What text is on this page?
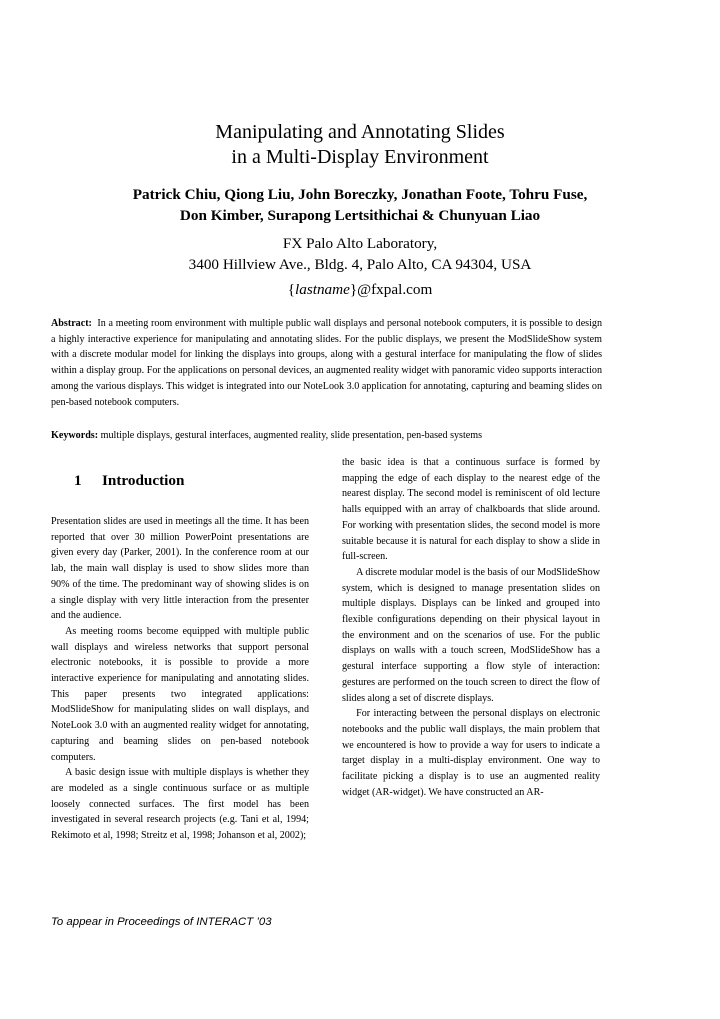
Manipulating and Annotating Slides
in a Multi-Display Environment
Patrick Chiu, Qiong Liu, John Boreczky, Jonathan Foote, Tohru Fuse,
Don Kimber, Surapong Lertsithichai & Chunyuan Liao
FX Palo Alto Laboratory,
3400 Hillview Ave., Bldg. 4, Palo Alto, CA 94304, USA
{lastname}@fxpal.com

Abstract: In a meeting room environment with multiple public wall displays and personal notebook computers, it is possible to design a highly interactive experience for manipulating and annotating slides. For the public displays, we present the ModSlideShow system with a discrete modular model for linking the displays into groups, along with a gestural interface for manipulating the flow of slides within a display group. For the applications on personal devices, an augmented reality widget with panoramic video supports interaction among the various displays. This widget is integrated into our NoteLook 3.0 application for annotating, capturing and beaming slides on pen-based notebook computers.

Keywords: multiple displays, gestural interfaces, augmented reality, slide presentation, pen-based systems

1 Introduction

Presentation slides are used in meetings all the time. It has been reported that over 30 million PowerPoint presentations are given every day (Parker, 2001). In the conference room at our lab, the main wall display is used to show slides more than 90% of the time. The predominant way of showing slides is on a single display with very little interaction from the presenter and the audience.

As meeting rooms become equipped with multiple public wall displays and wireless networks that support personal electronic notebooks, it is possible to provide a more interactive experience for manipulating and annotating slides. This paper presents two integrated applications: ModSlideShow for manipulating slides on wall displays, and NoteLook 3.0 with an augmented reality widget for annotating, capturing and beaming slides on pen-based notebook computers.

A basic design issue with multiple displays is whether they are modeled as a single continuous surface or as multiple loosely connected surfaces. The first model has been investigated in several research projects (e.g. Tani et al, 1994; Rekimoto et al, 1998; Streitz et al, 1998; Johanson et al, 2002);

the basic idea is that a continuous surface is formed by mapping the edge of each display to the nearest edge of the nearest display. The second model is reminiscent of old lecture halls equipped with an array of chalkboards that slide around. For working with presentation slides, the second model is more suitable because it is natural for each display to show a slide in full-screen.

A discrete modular model is the basis of our ModSlideShow system, which is designed to manage presentation slides on multiple displays. Displays can be linked and grouped into flexible configurations depending on their physical layout in the environment and on the scenarios of use. For the public displays on walls with a touch screen, ModSlideShow has a gestural interface supporting a flow style of interaction: gestures are performed on the touch screen to direct the flow of slides along a set of discrete displays.

For interacting between the personal displays on electronic notebooks and the public wall displays, the main problem that we encountered is how to provide a way for users to indicate a target display in a multi-display environment. One way to facilitate picking a display is to use an augmented reality widget (AR-widget). We have constructed an AR-

To appear in Proceedings of INTERACT ’03
